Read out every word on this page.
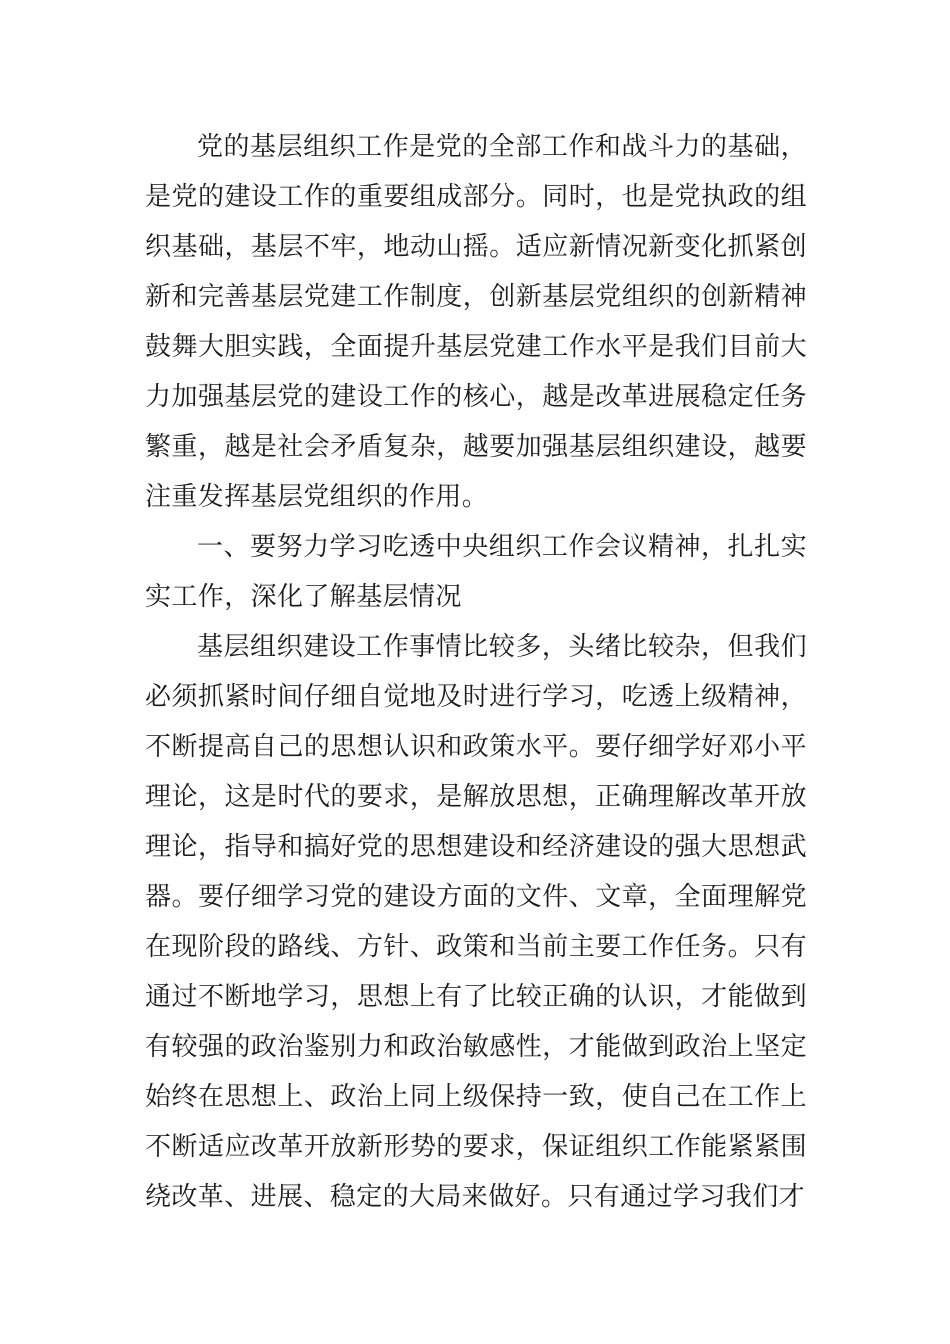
党的基层组织工作是党的全部工作和战斗力的基础，是党的建设工作的重要组成部分。同时，也是党执政的组织基础，基层不牢，地动山摇。适应新情况新变化抓紧创新和完善基层党建工作制度，创新基层党组织的创新精神鼓舞大胆实践，全面提升基层党建工作水平是我们目前大力加强基层党的建设工作的核心，越是改革进展稳定任务繁重，越是社会矛盾复杂，越要加强基层组织建设，越要注重发挥基层党组织的作用。

一、要努力学习吃透中央组织工作会议精神，扎扎实实工作，深化了解基层情况

基层组织建设工作事情比较多，头绪比较杂，但我们必须抓紧时间仔细自觉地及时进行学习，吃透上级精神，不断提高自己的思想认识和政策水平。要仔细学好邓小平理论，这是时代的要求，是解放思想，正确理解改革开放理论，指导和搞好党的思想建设和经济建设的强大思想武器。要仔细学习党的建设方面的文件、文章，全面理解党在现阶段的路线、方针、政策和当前主要工作任务。只有通过不断地学习，思想上有了比较正确的认识，才能做到有较强的政治鉴别力和政治敏感性，才能做到政治上坚定始终在思想上、政治上同上级保持一致，使自己在工作上不断适应改革开放新形势的要求，保证组织工作能紧紧围绕改革、进展、稳定的大局来做好。只有通过学习我们才
